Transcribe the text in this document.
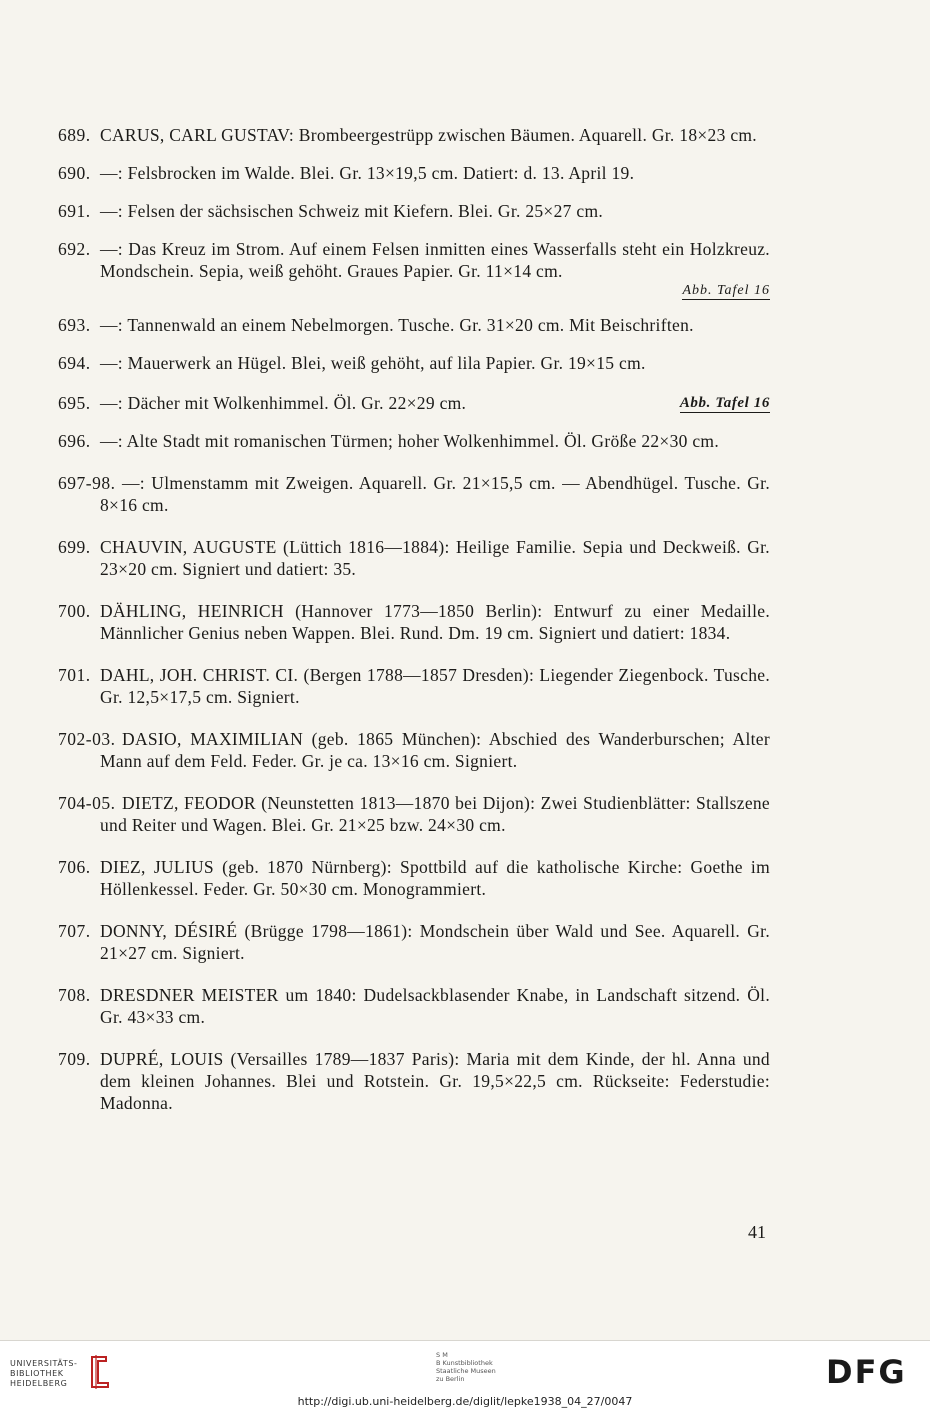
689. CARUS, CARL GUSTAV: Brombeergestrüpp zwischen Bäumen. Aquarell. Gr. 18×23 cm.
690. —: Felsbrocken im Walde. Blei. Gr. 13×19,5 cm. Datiert: d. 13. April 19.
691. —: Felsen der sächsischen Schweiz mit Kiefern. Blei. Gr. 25×27 cm.
692. —: Das Kreuz im Strom. Auf einem Felsen inmitten eines Wasserfalls steht ein Holzkreuz. Mondschein. Sepia, weiß gehöht. Graues Papier. Gr. 11×14 cm.
Abb. Tafel 16
693. —: Tannenwald an einem Nebelmorgen. Tusche. Gr. 31×20 cm. Mit Beischriften.
694. —: Mauerwerk an Hügel. Blei, weiß gehöht, auf lila Papier. Gr. 19×15 cm.
695.	Abb. Tafel 16
—: Dächer mit Wolkenhimmel. Öl. Gr. 22×29 cm.
696. —: Alte Stadt mit romanischen Türmen; hoher Wolkenhimmel. Öl. Größe 22×30 cm.
697-98. —: Ulmenstamm mit Zweigen. Aquarell. Gr. 21×15,5 cm. — Abendhügel. Tusche. Gr. 8×16 cm.
699. CHAUVIN, AUGUSTE (Lüttich 1816—1884): Heilige Familie. Sepia und Deckweiß. Gr. 23×20 cm. Signiert und datiert: 35.
700. DÄHLING, HEINRICH (Hannover 1773—1850 Berlin): Entwurf zu einer Medaille. Männlicher Genius neben Wappen. Blei. Rund. Dm. 19 cm. Signiert und datiert: 1834.
701. DAHL, JOH. CHRIST. CI. (Bergen 1788—1857 Dresden): Liegender Ziegenbock. Tusche. Gr. 12,5×17,5 cm. Signiert.
702-03. DASIO, MAXIMILIAN (geb. 1865 München): Abschied des Wanderburschen; Alter Mann auf dem Feld. Feder. Gr. je ca. 13×16 cm. Signiert.
704-05. DIETZ, FEODOR (Neunstetten 1813—1870 bei Dijon): Zwei Studienblätter: Stallszene und Reiter und Wagen. Blei. Gr. 21×25 bzw. 24×30 cm.
706. DIEZ, JULIUS (geb. 1870 Nürnberg): Spottbild auf die katholische Kirche: Goethe im Höllenkessel. Feder. Gr. 50×30 cm. Monogrammiert.
707. DONNY, DÉSIRÉ (Brügge 1798—1861): Mondschein über Wald und See. Aquarell. Gr. 21×27 cm. Signiert.
708. DRESDNER MEISTER um 1840: Dudelsackblasender Knabe, in Landschaft sitzend. Öl. Gr. 43×33 cm.
709. DUPRÉ, LOUIS (Versailles 1789—1837 Paris): Maria mit dem Kinde, der hl. Anna und dem kleinen Johannes. Blei und Rotstein. Gr. 19,5×22,5 cm. Rückseite: Federstudie: Madonna.
41
UNIVERSITÄTS-
BIBLIOTHEK
HEIDELBERG
S M
B Kunstbibliothek
Staatliche Museen
zu Berlin	DFG
http://digi.ub.uni-heidelberg.de/diglit/lepke1938_04_27/0047
